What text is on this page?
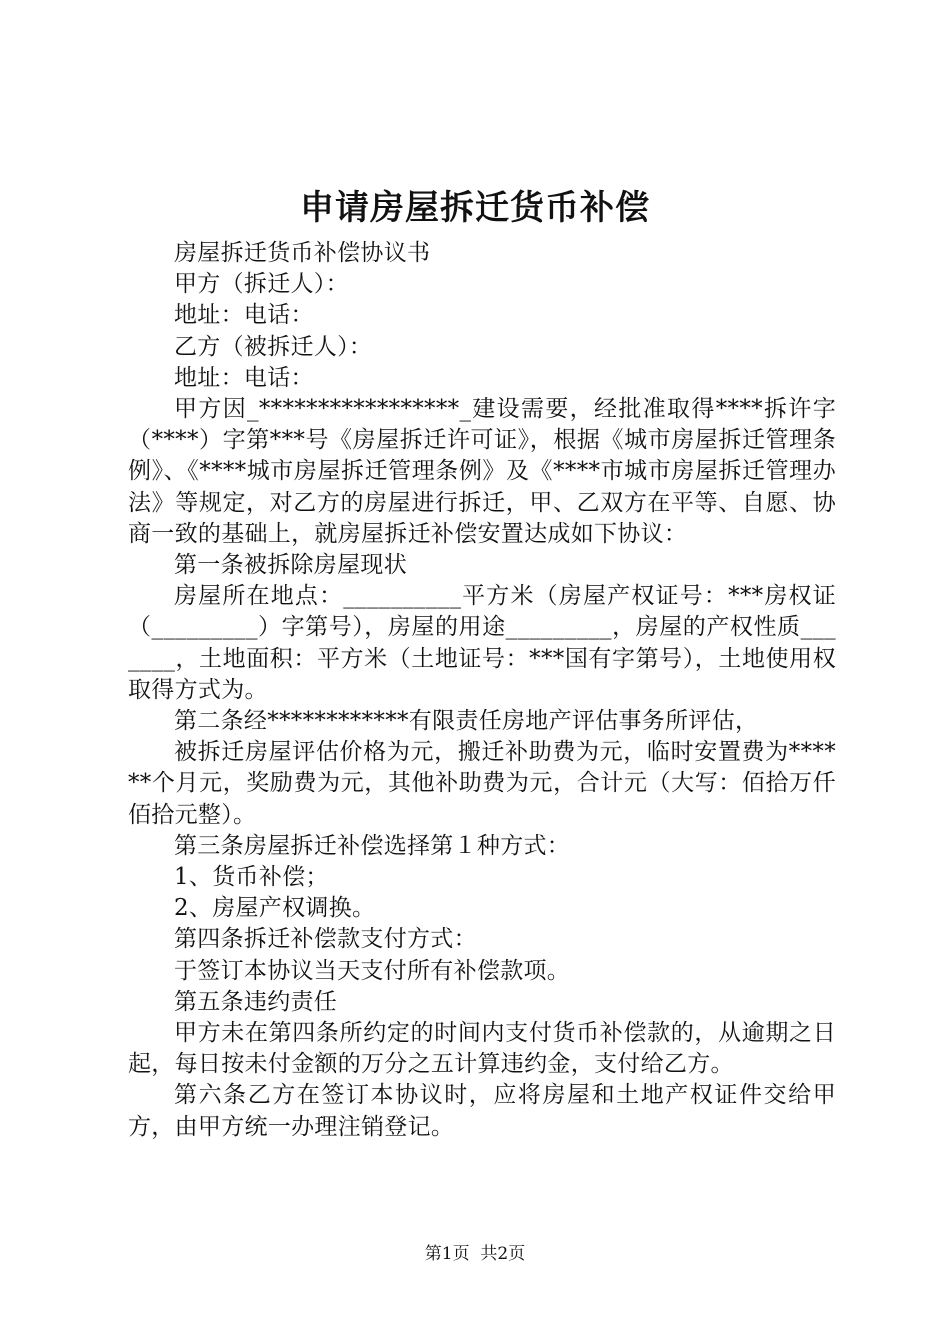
申请房屋拆迁货币补偿

房屋拆迁货币补偿协议书

甲方（拆迁人）：

地址：电话：

乙方（被拆迁人）：

地址：电话：

甲方因_*****************_建设需要，经批准取得****拆许字（****）字第***号《房屋拆迁许可证》，根据《城市房屋拆迁管理条例》、《****城市房屋拆迁管理条例》及《****市城市房屋拆迁管理办法》等规定，对乙方的房屋进行拆迁，甲、乙双方在平等、自愿、协商一致的基础上，就房屋拆迁补偿安置达成如下协议：

第一条被拆除房屋现状

房屋所在地点：__________平方米（房屋产权证号：***房权证（_________）字第号），房屋的用途_________，房屋的产权性质_______，土地面积：平方米（土地证号：***国有字第号），土地使用权取得方式为。

第二条经************有限责任房地产评估事务所评估，

被拆迁房屋评估价格为元，搬迁补助费为元，临时安置费为******个月元，奖励费为元，其他补助费为元，合计元（大写：佰拾万仟佰拾元整）。

第三条房屋拆迁补偿选择第１种方式：

1、货币补偿；

2、房屋产权调换。

第四条拆迁补偿款支付方式：

于签订本协议当天支付所有补偿款项。

第五条违约责任

甲方未在第四条所约定的时间内支付货币补偿款的，从逾期之日起，每日按未付金额的万分之五计算违约金，支付给乙方。

第六条乙方在签订本协议时，应将房屋和土地产权证件交给甲方，由甲方统一办理注销登记。

第1页 共2页
